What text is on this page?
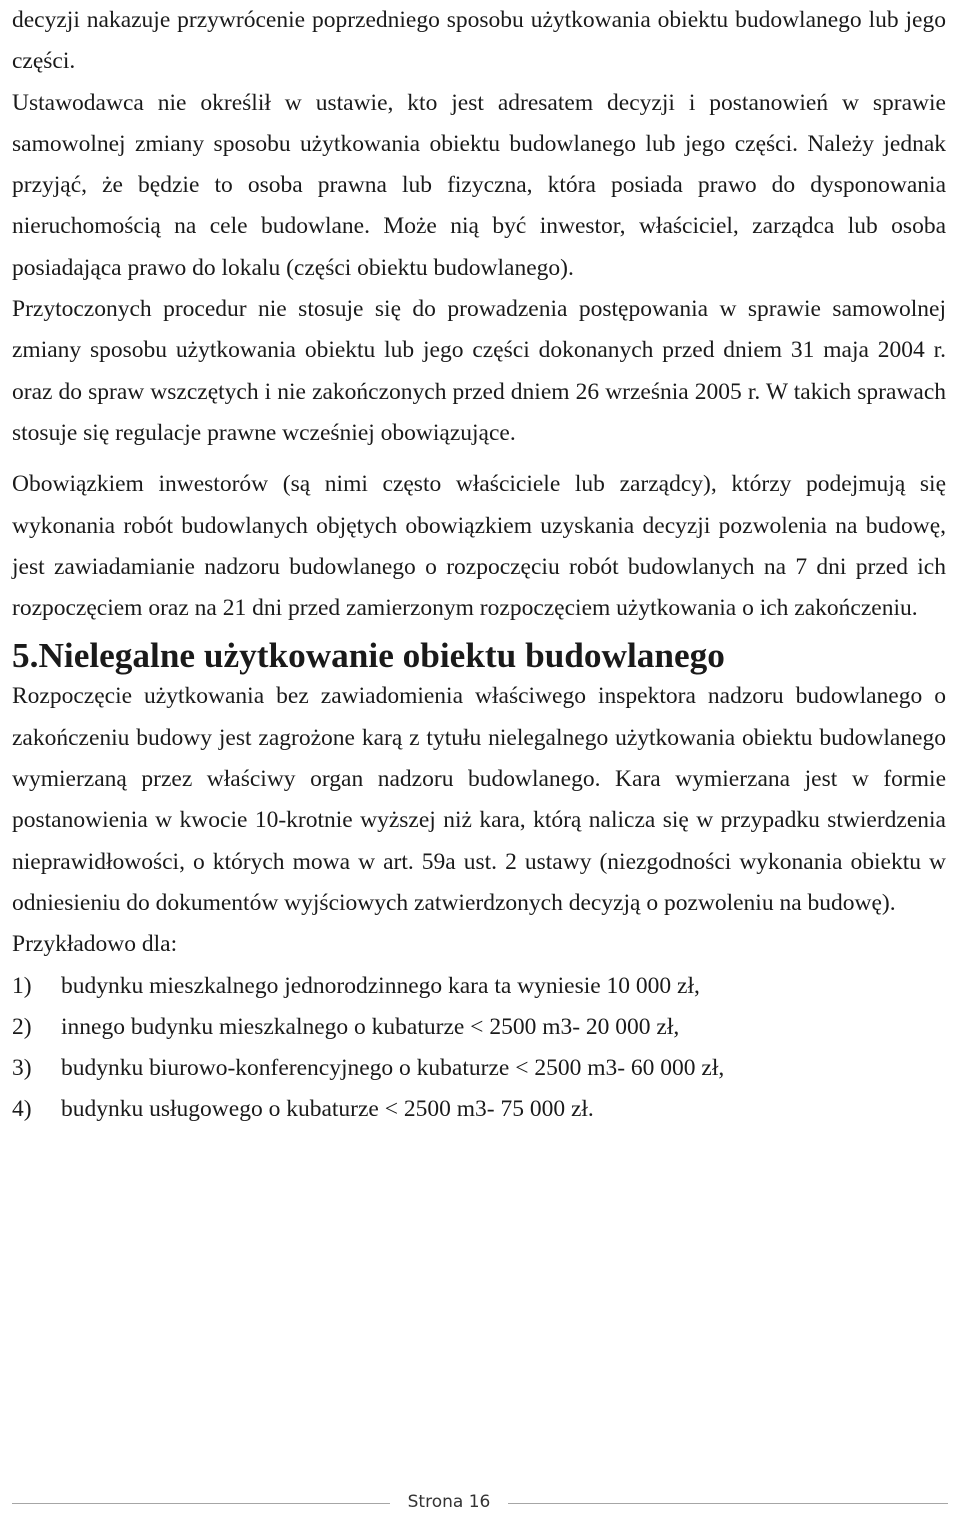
decyzji nakazuje przywrócenie poprzedniego sposobu użytkowania obiektu budowlanego lub jego części.

Ustawodawca nie określił w ustawie, kto jest adresatem decyzji i postanowień w sprawie samowolnej zmiany sposobu użytkowania obiektu budowlanego lub jego części. Należy jednak przyjąć, że będzie to osoba prawna lub fizyczna, która posiada prawo do dysponowania nieruchomością na cele budowlane. Może nią być inwestor, właściciel, zarządca lub osoba posiadająca prawo do lokalu (części obiektu budowlanego).

Przytoczonych procedur nie stosuje się do prowadzenia postępowania w sprawie samowolnej zmiany sposobu użytkowania obiektu lub jego części dokonanych przed dniem 31 maja 2004 r. oraz do spraw wszczętych i nie zakończonych przed dniem 26 września 2005 r. W takich sprawach stosuje się regulacje prawne wcześniej obowiązujące.

Obowiązkiem inwestorów (są nimi często właściciele lub zarządcy), którzy podejmują się wykonania robót budowlanych objętych obowiązkiem uzyskania decyzji pozwolenia na budowę, jest zawiadamianie nadzoru budowlanego o rozpoczęciu robót budowlanych na 7 dni przed ich rozpoczęciem oraz na 21 dni przed zamierzonym rozpoczęciem użytkowania o ich zakończeniu.

5.Nielegalne użytkowanie obiektu budowlanego

Rozpoczęcie użytkowania bez zawiadomienia właściwego inspektora nadzoru budowlanego o zakończeniu budowy jest zagrożone karą z tytułu nielegalnego użytkowania obiektu budowlanego wymierzaną przez właściwy organ nadzoru budowlanego. Kara wymierzana jest w formie postanowienia w kwocie 10-krotnie wyższej niż kara, którą nalicza się w przypadku stwierdzenia nieprawidłowości, o których mowa w art. 59a ust. 2 ustawy (niezgodności wykonania obiektu w odniesieniu do dokumentów wyjściowych zatwierdzonych decyzją o pozwoleniu na budowę).

Przykładowo dla:

1)	budynku mieszkalnego jednorodzinnego kara ta wyniesie 10 000 zł,
2)	innego budynku mieszkalnego o kubaturze < 2500 m3- 20 000 zł,
3)	budynku biurowo-konferencyjnego o kubaturze < 2500 m3- 60 000 zł,
4)	budynku usługowego o kubaturze < 2500 m3- 75 000 zł.
Strona 16
